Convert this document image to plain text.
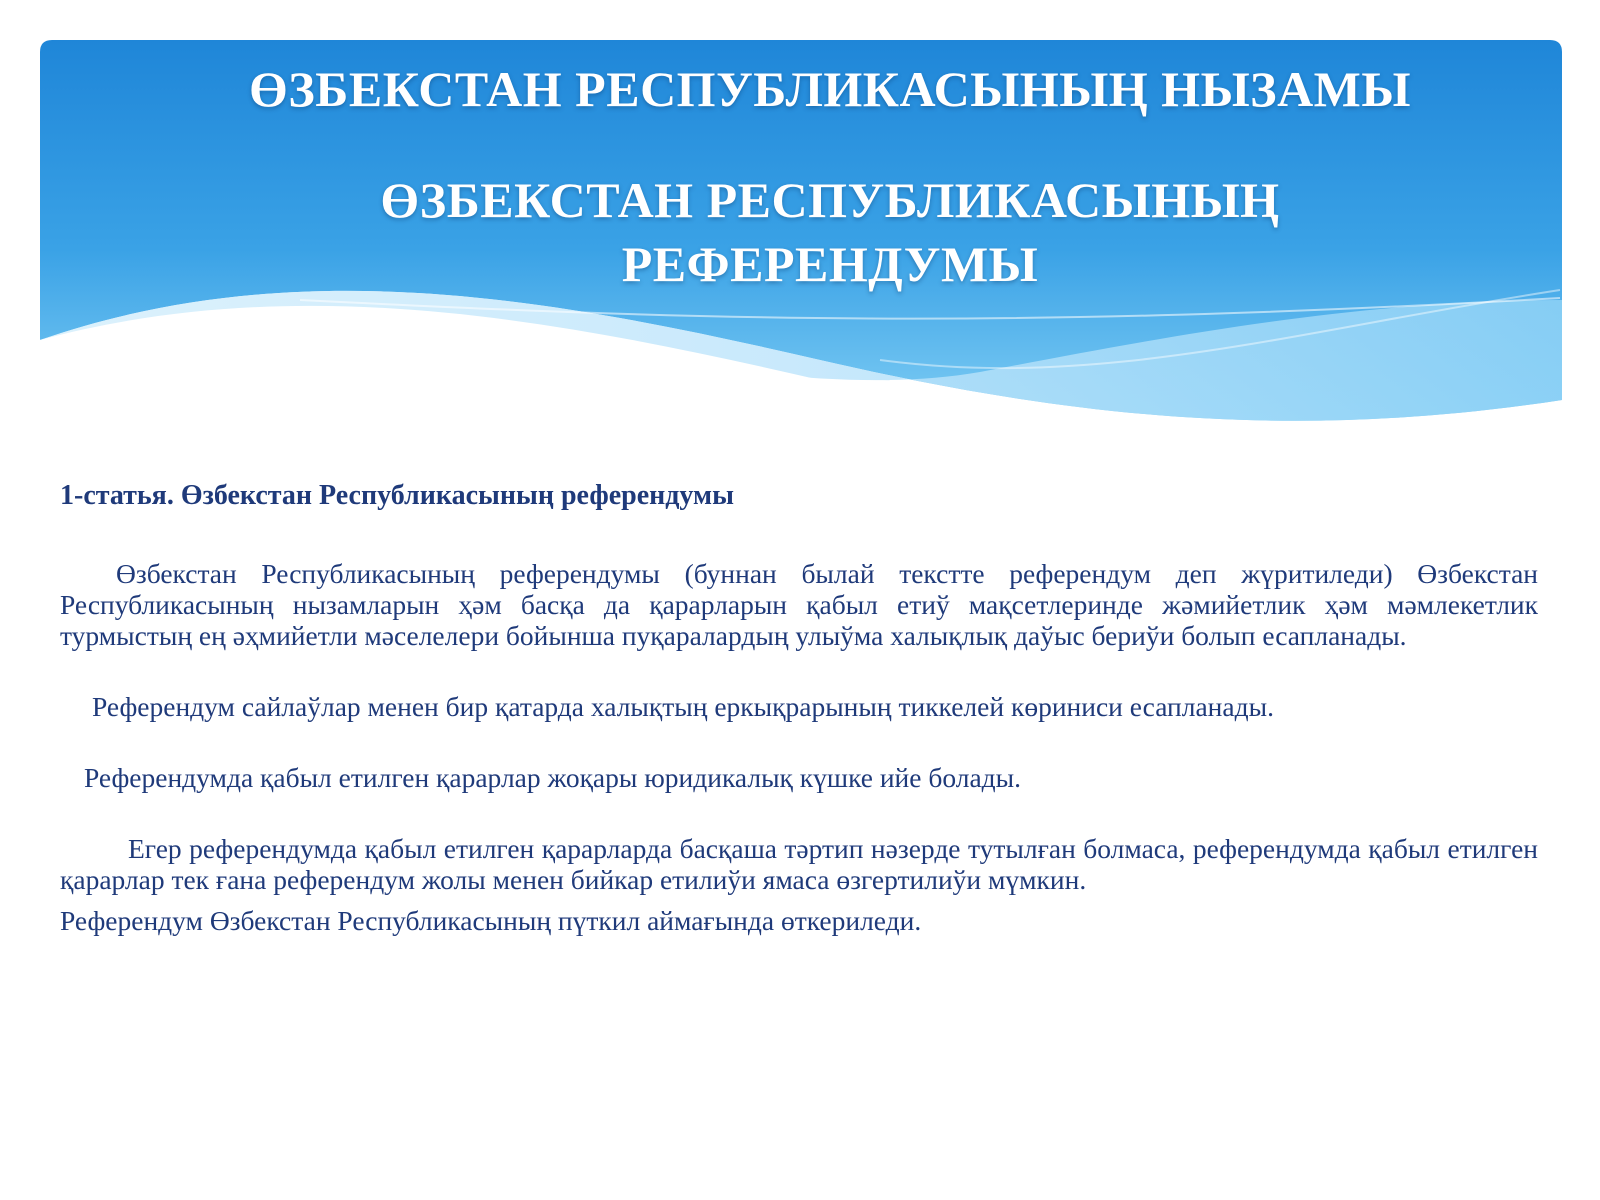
ӨЗБЕКСТАН РЕСПУБЛИКАСЫНЫҢ НЫЗАМЫ
ӨЗБЕКСТАН РЕСПУБЛИКАСЫНЫҢ
РЕФЕРЕНДУМЫ

1-статья. Өзбекстан Республикасының референдумы

Өзбекстан Республикасының референдумы (буннан былай текстте референдум деп жүритиледи) Өзбекстан Республикасының нызамларын ҳәм басқа да қарарларын қабыл етиў мақсетлеринде жәмийетлик ҳәм мәмлекетлик турмыстың ең әҳмийетли мәселелери бойынша пуқаралардың улыўма халықлық даўыс бериўи болып есапланады.

Референдум сайлаўлар менен бир қатарда халықтың еркықрарының тиккелей көриниси есапланады.

Референдумда қабыл етилген қарарлар жоқары юридикалық күшке ийе болады.

Егер референдумда қабыл етилген қарарларда басқаша тәртип нәзерде тутылған болмаса, референдумда қабыл етилген қарарлар тек ғана референдум жолы менен бийкар етилиўи ямаса өзгертилиўи мүмкин.

Референдум Өзбекстан Республикасының пүткил аймағында өткериледи.
